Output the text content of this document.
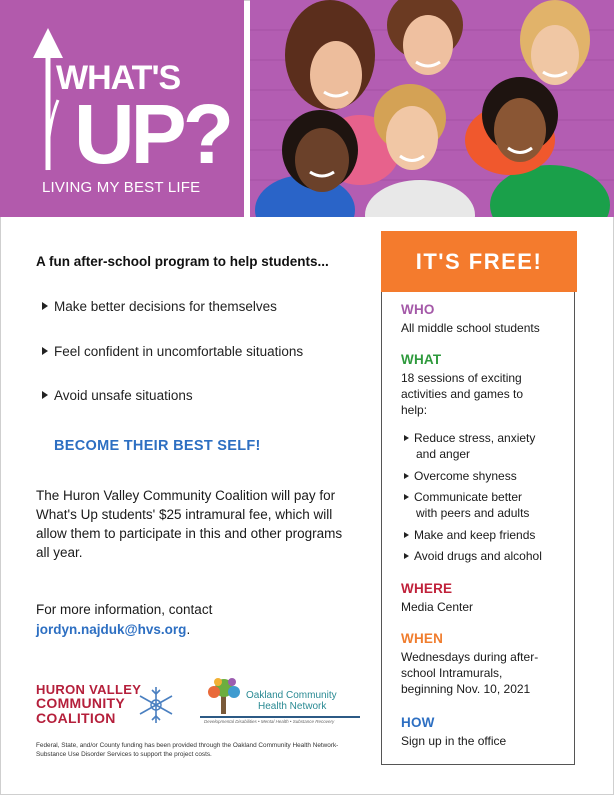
WHAT'S
UP?
LIVING MY BEST LIFE
A fun after-school program to help students...
Make better decisions for themselves
Feel confident in uncomfortable situations
Avoid unsafe situations
BECOME THEIR BEST SELF!
The Huron Valley Community Coalition will pay for What's Up students' $25 intramural fee, which will allow them to participate in this and other programs all year.
For more information, contact
jordyn.najduk@hvs.org.
HURON VALLEY
COMMUNITY
COALITION
Oakland Community
Health Network
Developmental Disabilities • Mental Health • Substance Recovery
Federal, State, and/or County funding has been provided through the Oakland Community Health Network-Substance Use Disorder Services to support the project costs.
IT'S FREE!
WHO
All middle school students
WHAT
18 sessions of exciting activities and games to help:
Reduce stress, anxiety
and anger
Overcome shyness
Communicate better
with peers and adults
Make and keep friends
Avoid drugs and alcohol
WHERE
Media Center
WHEN
Wednesdays during after-school Intramurals, beginning Nov. 10, 2021
HOW
Sign up in the office
